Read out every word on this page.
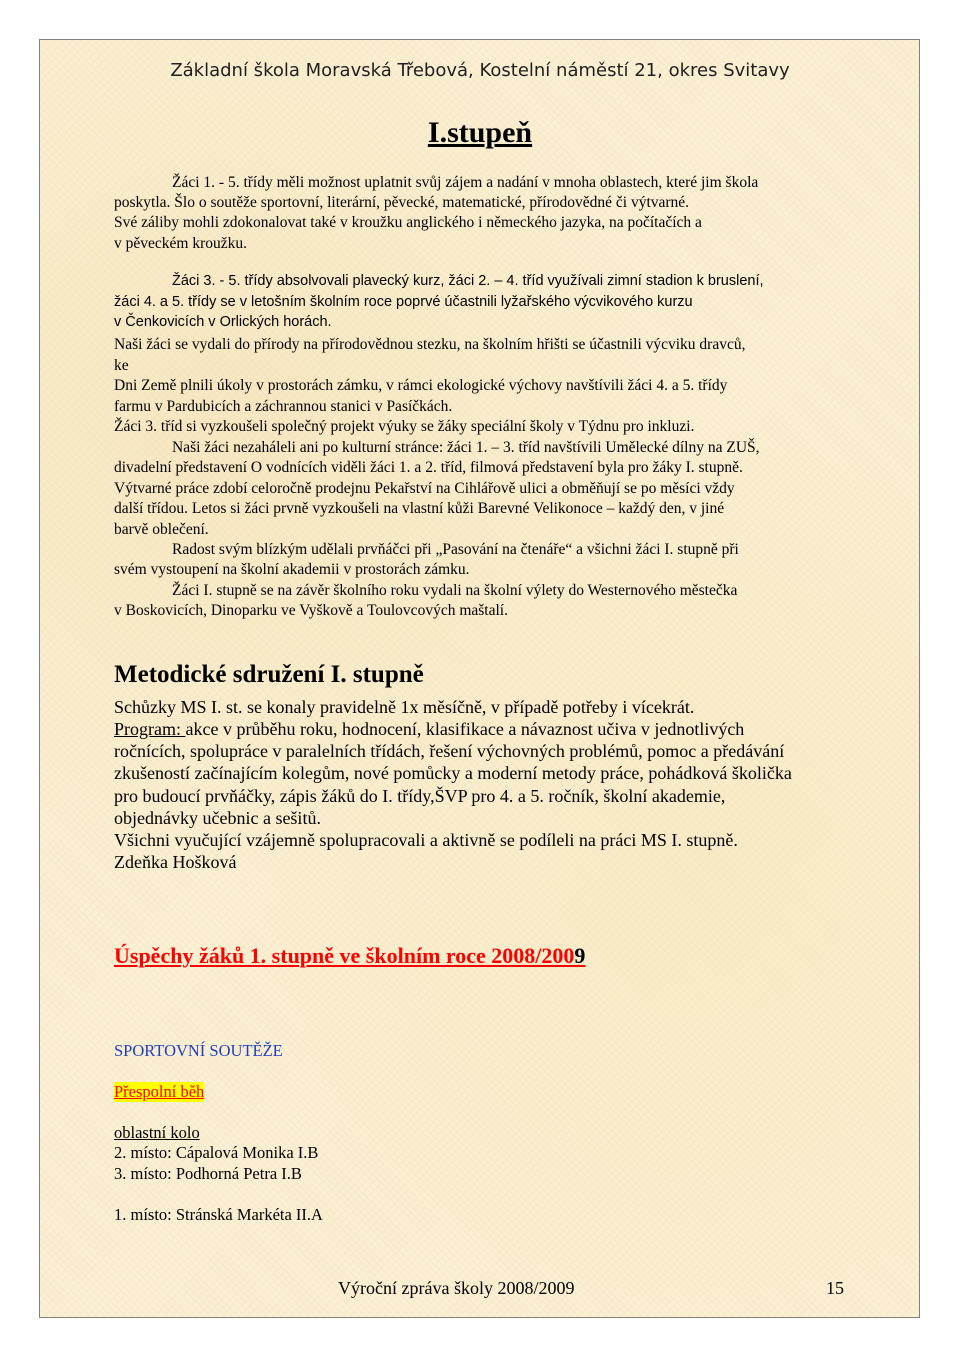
Základní škola Moravská Třebová, Kostelní náměstí 21, okres Svitavy
I.stupeň
Žáci 1. - 5. třídy měli možnost uplatnit svůj zájem a nadání v mnoha oblastech, které jim škola
poskytla. Šlo o soutěže sportovní, literární, pěvecké, matematické, přírodovědné či výtvarné.
Své záliby mohli zdokonalovat také v kroužku anglického i německého jazyka, na počítačích a
v pěveckém kroužku.
Žáci 3. - 5. třídy absolvovali plavecký kurz, žáci 2. – 4. tříd využívali zimní stadion k bruslení,
žáci 4. a 5. třídy se v letošním školním roce poprvé účastnili lyžařského výcvikového kurzu
v Čenkovicích v Orlických horách.
Naši žáci se vydali do přírody na přírodovědnou stezku, na školním hřišti se účastnili výcviku dravců,
ke
Dni Země plnili úkoly v prostorách zámku, v rámci ekologické výchovy navštívili žáci 4. a 5. třídy
farmu v Pardubicích a záchrannou stanici v Pasíčkách.
Žáci 3. tříd si vyzkoušeli společný projekt výuky se žáky speciální školy v Týdnu pro inkluzi.
Naši žáci nezaháleli ani po kulturní stránce: žáci 1. – 3. tříd navštívili Umělecké dílny na ZUŠ,
divadelní představení O vodnících viděli žáci 1. a 2. tříd, filmová představení byla pro žáky I. stupně.
Výtvarné práce zdobí celoročně prodejnu Pekařství na Cihlářově ulici a obměňují se po měsíci vždy
další třídou. Letos si žáci prvně vyzkoušeli na vlastní kůži Barevné Velikonoce – každý den, v jiné
barvě oblečení.
Radost svým blízkým udělali prvňáčci při „Pasování na čtenáře“ a všichni žáci I. stupně při
svém vystoupení na školní akademii v prostorách zámku.
Žáci I. stupně se na závěr školního roku vydali na školní výlety do Westernového městečka
v Boskovicích, Dinoparku ve Vyškově a Toulovcových maštalí.
Metodické sdružení I. stupně
Schůzky MS I. st. se konaly pravidelně 1x měsíčně, v případě potřeby i vícekrát.
Program: akce v průběhu roku, hodnocení, klasifikace a návaznost učiva v jednotlivých
ročnících, spolupráce v paralelních třídách, řešení výchovných problémů, pomoc a předávání
zkušeností začínajícím kolegům, nové pomůcky a moderní metody práce, pohádková školička
pro budoucí prvňáčky, zápis žáků do I. třídy,ŠVP pro 4. a 5. ročník, školní akademie,
objednávky učebnic a sešitů.
Všichni vyučující vzájemně spolupracovali a aktivně se podíleli na práci MS I. stupně.
Zdeňka Hošková
Úspěchy žáků 1. stupně ve školním roce 2008/2009
SPORTOVNÍ SOUTĚŽE
Přespolní běh
oblastní kolo
2. místo: Cápalová Monika I.B
3. místo: Podhorná Petra I.B
1. místo: Stránská Markéta II.A
Výroční zpráva školy 2008/2009	15
